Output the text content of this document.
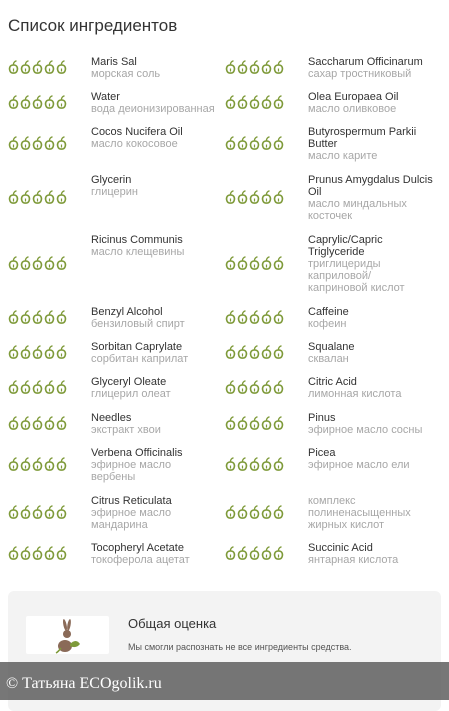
Список ингредиентов
Maris Sal
морская соль
Saccharum Officinarum
сахар тростниковый
Water
вода деионизированная
Olea Europaea Oil
масло оливковое
Cocos Nucifera Oil
масло кокосовое
Butyrospermum Parkii Butter
масло карите
Glycerin
глицерин
Prunus Amygdalus Dulcis Oil
масло миндальных косточек
Ricinus Communis
масло клещевины
Caprylic/Capric Triglyceride
триглицериды каприловой/каприновой кислот
Benzyl Alcohol
бензиловый спирт
Caffeine
кофеин
Sorbitan Caprylate
сорбитан каприлат
Squalane
сквалан
Glyceryl Oleate
глицерил олеат
Citric Acid
лимонная кислота
Needles
экстракт хвои
Pinus
эфирное масло сосны
Verbena Officinalis
эфирное масло вербены
Picea
эфирное масло ели
Citrus Reticulata
эфирное масло мандарина
комплекс полиненасыщенных жирных кислот
Tocopheryl Acetate
токоферола ацетат
Succinic Acid
янтарная кислота
Общая оценка
Мы смогли распознать не все ингредиенты средства.
© Татьяна ECOgolik.ru
